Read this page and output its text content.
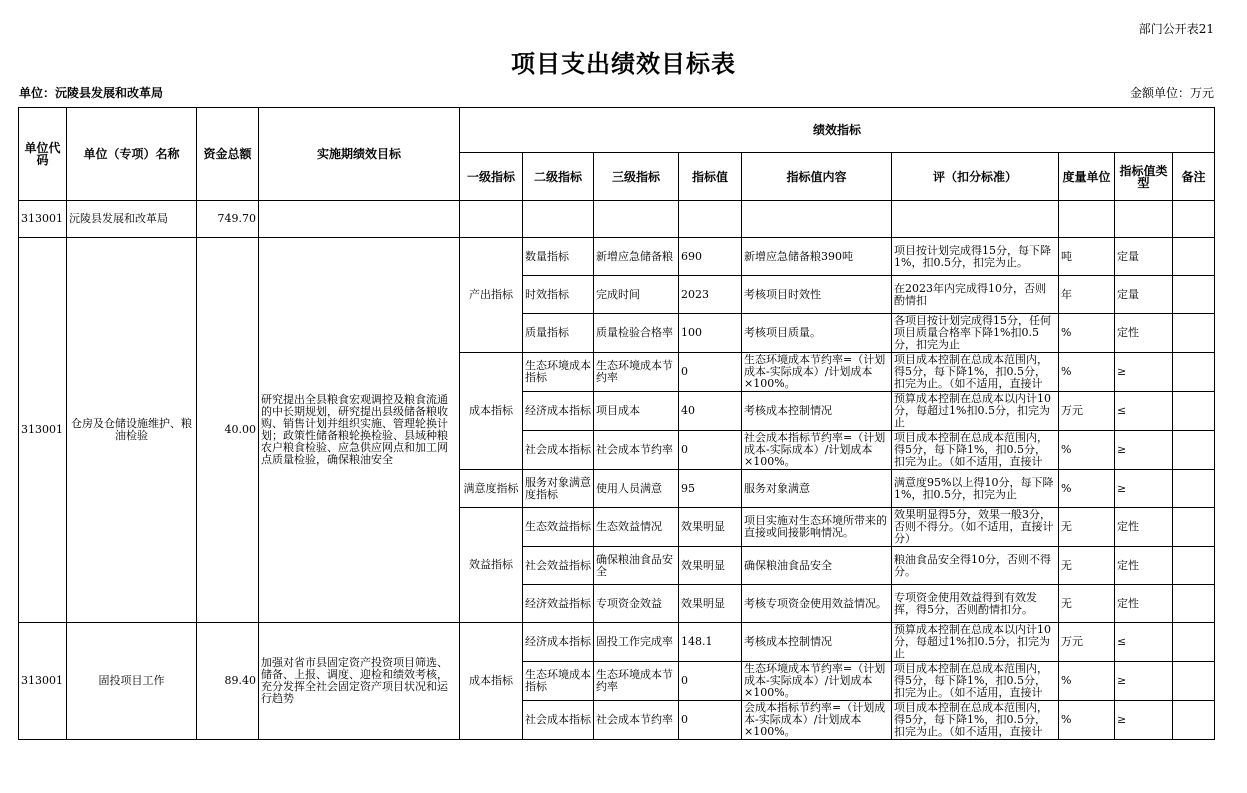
部门公开表21
项目支出绩效目标表
单位：沅陵县发展和改革局	金额单位：万元
单位代码	单位（专项）名称	资金总额	实施期绩效目标	绩效指标								
				一级指标	二级指标	三级指标	指标值	指标值内容	评（扣分标准）	度量单位	指标值类型	备注
313001	沅陵县发展和改革局	749.70										
313001	仓房及仓储设施维护、粮油检验	40.00	研究提出全县粮食宏观调控及粮食流通的中长期规划，研究提出县级储备粮收购、销售计划并组织实施、管理轮换计划；政策性储备粮轮换检验、县域种粮农户粮食检验、应急供应网点和加工网点质量检验，确保粮油安全	产出指标	数量指标	新增应急储备粮	690	新增应急储备粮390吨	项目按计划完成得15分，每下降1%，扣0.5分，扣完为止。	吨	定量	
					时效指标	完成时间	2023	考核项目时效性	在2023年内完成得10分，否则酌情扣	年	定量	
					质量指标	质量检验合格率	100	考核项目质量。	各项目按计划完成得15分，任何项目质量合格率下降1%扣0.5分，扣完为止	%	定性	
				成本指标	生态环境成本指标	生态环境成本节约率	0	生态环境成本节约率=（计划成本-实际成本）/计划成本×100%。	项目成本控制在总成本范围内，得5分，每下降1%，扣0.5分，扣完为止。（如不适用，直接计	%	≥	
					经济成本指标	项目成本	40	考核成本控制情况	预算成本控制在总成本以内计10分，每超过1%扣0.5分，扣完为止	万元	≤	
					社会成本指标	社会成本节约率	0	社会成本指标节约率=（计划成本-实际成本）/计划成本×100%。	项目成本控制在总成本范围内，得5分，每下降1%，扣0.5分，扣完为止。（如不适用，直接计	%	≥	
				满意度指标	服务对象满意度指标	使用人员满意	95	服务对象满意	满意度95%以上得10分，每下降1%，扣0.5分，扣完为止	%	≥	
				效益指标	生态效益指标	生态效益情况	效果明显	项目实施对生态环境所带来的直接或间接影响情况。	效果明显得5分，效果一般3分，否则不得分。（如不适用，直接计分）	无	定性	
					社会效益指标	确保粮油食品安全	效果明显	确保粮油食品安全	粮油食品安全得10分，否则不得分。	无	定性	
					经济效益指标	专项资金效益	效果明显	考核专项资金使用效益情况。	专项资金使用效益得到有效发挥，得5分，否则酌情扣分。	无	定性	
313001	固投项目工作	89.40	加强对省市县固定资产投资项目筛选、储备、上报、调度、迎检和绩效考核，充分发挥全社会固定资产项目状况和运行趋势	成本指标	经济成本指标	固投工作完成率	148.1	考核成本控制情况	预算成本控制在总成本以内计10分，每超过1%扣0.5分，扣完为止	万元	≤	
					生态环境成本指标	生态环境成本节约率	0	生态环境成本节约率=（计划成本-实际成本）/计划成本×100%。	项目成本控制在总成本范围内，得5分，每下降1%，扣0.5分，扣完为止。（如不适用，直接计	%	≥	
					社会成本指标	社会成本节约率	0	会成本指标节约率=（计划成本-实际成本）/计划成本×100%。	项目成本控制在总成本范围内，得5分，每下降1%，扣0.5分，扣完为止。（如不适用，直接计	%	≥	
